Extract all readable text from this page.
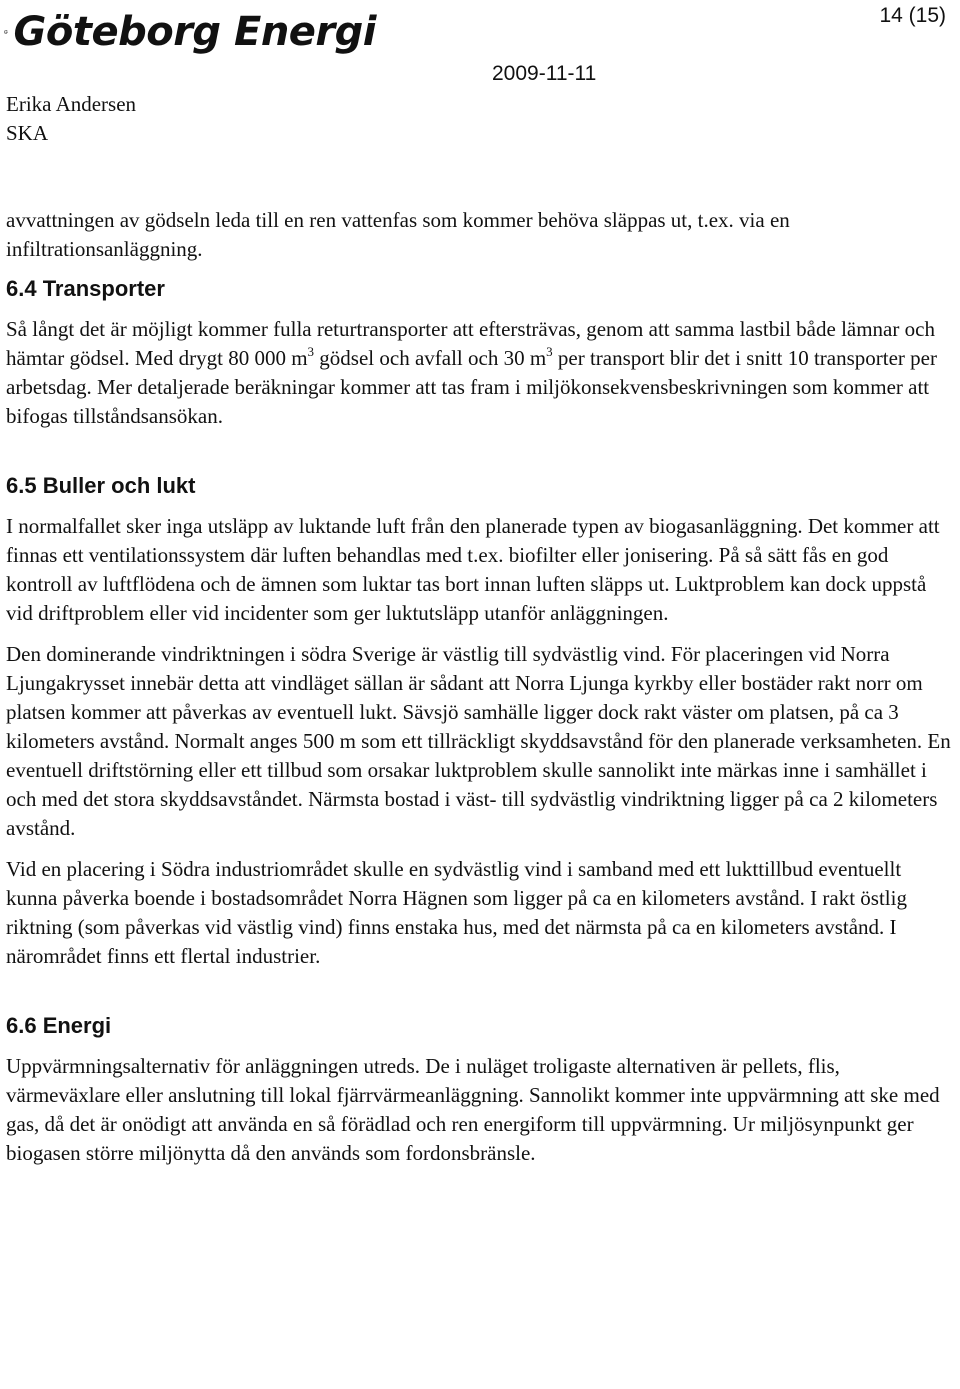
Göteborg Energi	14 (15)
2009-11-11
Erika Andersen
SKA

avvattningen av gödseln leda till en ren vattenfas som kommer behöva släppas ut, t.ex. via en infiltrationsanläggning.

6.4 Transporter

Så långt det är möjligt kommer fulla returtransporter att eftersträvas, genom att samma lastbil både lämnar och hämtar gödsel. Med drygt 80 000 $m^3$ gödsel och avfall och 30 $m^3$ per transport blir det i snitt 10 transporter per arbetsdag. Mer detaljerade beräkningar kommer att tas fram i miljökonsekvensbeskrivningen som kommer att bifogas tillståndsansökan.

6.5 Buller och lukt

I normalfallet sker inga utsläpp av luktande luft från den planerade typen av biogasanläggning. Det kommer att finnas ett ventilationssystem där luften behandlas med t.ex. biofilter eller jonisering. På så sätt fås en god kontroll av luftflödena och de ämnen som luktar tas bort innan luften släpps ut. Luktproblem kan dock uppstå vid driftproblem eller vid incidenter som ger luktutsläpp utanför anläggningen.

Den dominerande vindriktningen i södra Sverige är västlig till sydvästlig vind. För placeringen vid Norra Ljungakrysset innebär detta att vindläget sällan är sådant att Norra Ljunga kyrkby eller bostäder rakt norr om platsen kommer att påverkas av eventuell lukt. Sävsjö samhälle ligger dock rakt väster om platsen, på ca 3 kilometers avstånd. Normalt anges 500 m som ett tillräckligt skyddsavstånd för den planerade verksamheten. En eventuell driftstörning eller ett tillbud som orsakar luktproblem skulle sannolikt inte märkas inne i samhället i och med det stora skyddsavståndet. Närmsta bostad i väst- till sydvästlig vindriktning ligger på ca 2 kilometers avstånd.

Vid en placering i Södra industriområdet skulle en sydvästlig vind i samband med ett lukttillbud eventuellt kunna påverka boende i bostadsområdet Norra Hägnen som ligger på ca en kilometers avstånd. I rakt östlig riktning (som påverkas vid västlig vind) finns enstaka hus, med det närmsta på ca en kilometers avstånd. I närområdet finns ett flertal industrier.

6.6 Energi

Uppvärmningsalternativ för anläggningen utreds. De i nuläget troligaste alternativen är pellets, flis, värmeväxlare eller anslutning till lokal fjärrvärmeanläggning. Sannolikt kommer inte uppvärmning att ske med gas, då det är onödigt att använda en så förädlad och ren energiform till uppvärmning. Ur miljösynpunkt ger biogasen större miljönytta då den används som fordonsbränsle.
